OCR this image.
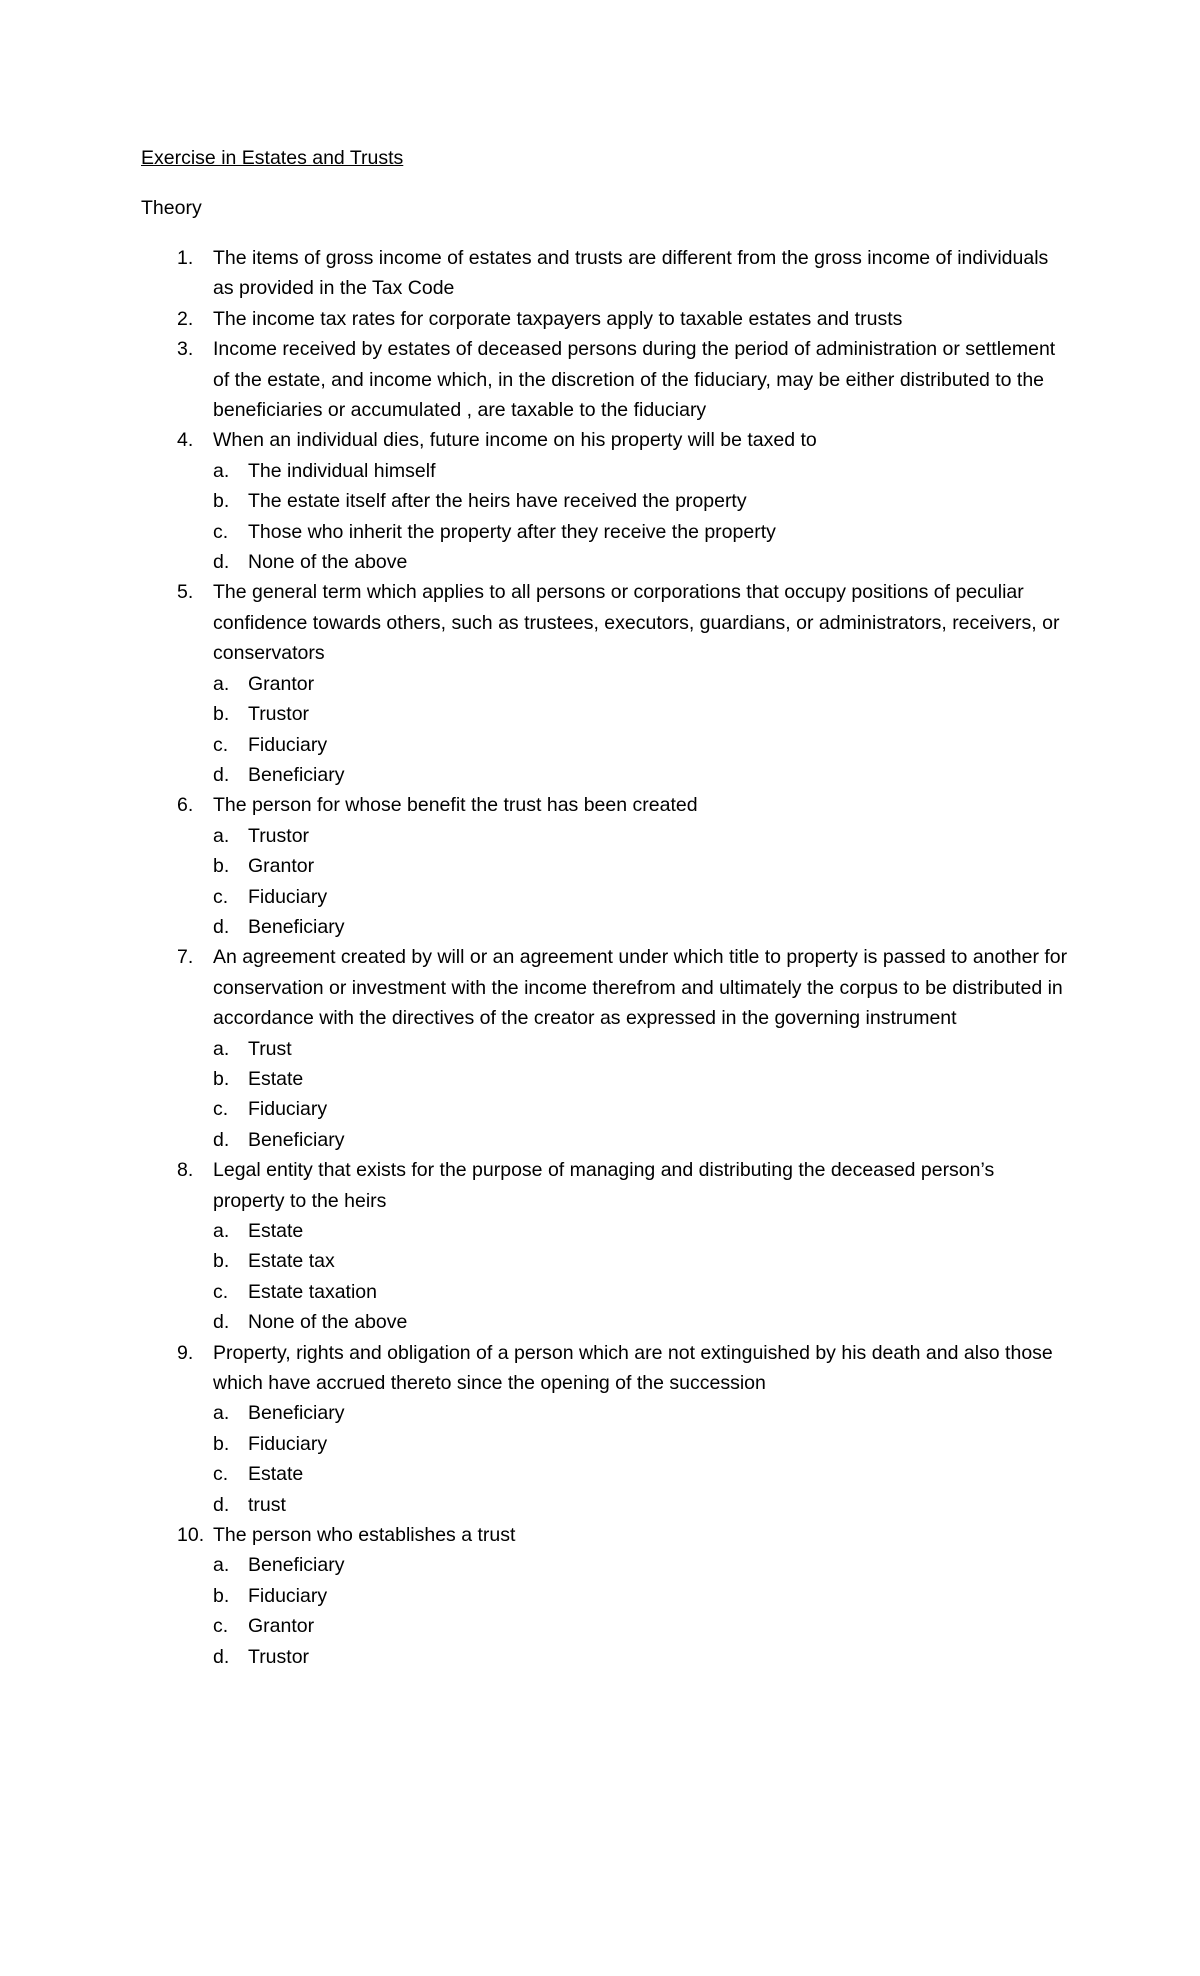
Exercise in Estates and Trusts
Theory
1.	The items of gross income of estates and trusts are different from the gross income of individuals as provided in the Tax Code
2.	The income tax rates for corporate taxpayers apply to taxable estates and trusts
3.	Income received by estates of deceased persons during the period of administration or settlement of the estate, and income which, in the discretion of the fiduciary, may be either distributed to the beneficiaries or accumulated , are taxable to the fiduciary
4.	When an individual dies, future income on his property will be taxed to
a. The individual himself
b. The estate itself after the heirs have received the property
c.	Those who inherit the property after they receive the property
d. None of the above
5.	The general term which applies to all persons or corporations that occupy positions of peculiar confidence towards others, such as trustees, executors, guardians, or administrators, receivers, or conservators
a. Grantor
b. Trustor
c.	Fiduciary
d. Beneficiary
6.	The person for whose benefit the trust has been created
a. Trustor
b. Grantor
c.	Fiduciary
d. Beneficiary
7.	An agreement created by will or an agreement under which title to property is passed to another for conservation or investment with the income therefrom and ultimately the corpus to be distributed in accordance with the directives of the creator as expressed in the governing instrument
a. Trust
b. Estate
c.	Fiduciary
d. Beneficiary
8.	Legal entity that exists for the purpose of managing and distributing the deceased person’s property to the heirs
a. Estate
b. Estate tax
c.	Estate taxation
d. None of the above
9.	Property, rights and obligation of a person which are not extinguished by his death and also those which have accrued thereto since the opening of the succession
a. Beneficiary
b. Fiduciary
c.	Estate
d. trust
10. The person who establishes a trust
a. Beneficiary
b. Fiduciary
c.	Grantor
d. Trustor
